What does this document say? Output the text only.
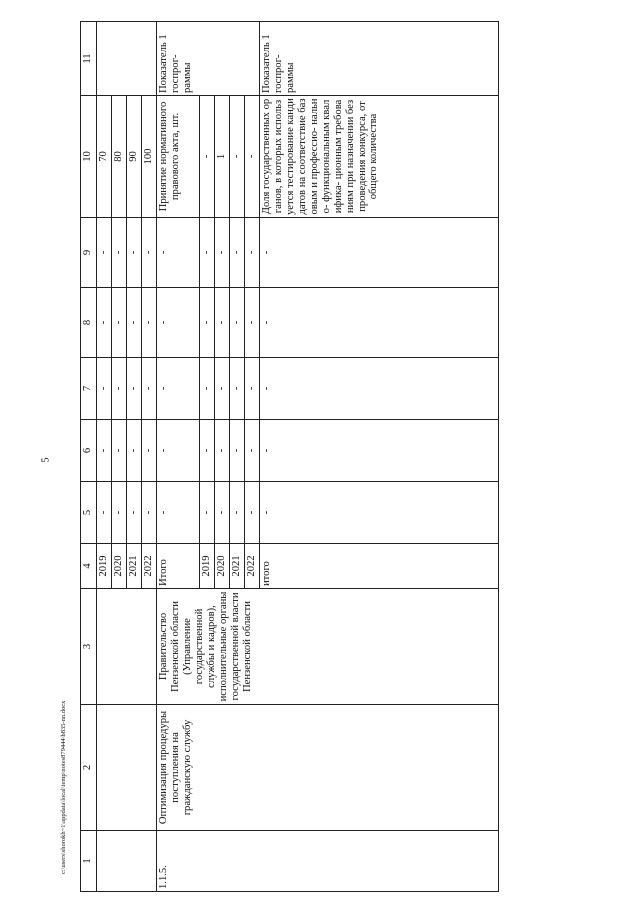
5
c:\users\shorokh~1\appdata\local\temp\notes879444\b835-nn.docx 1	2	3	4	5	6	7	8	9	10	11
			2019	-	-	-	-	-	70	
			2020	-	-	-	-	-	80	
			2021	-	-	-	-	-	90	
			2022	-	-	-	-	-	100	
1.1.5.	Оптимизация процедуры поступления на гражданскую службу	Правительство Пензенской области (Управление государственной службы и кадров), исполнительные органы государственной власти Пензенской области	Итого	-	-	-	-	-	Принятие нормативного правового акта, шт.	Показатель 1 госпрог- раммы
			2019	-	-	-	-	-	-	
			2020	-	-	-	-	-	1	
			2021	-	-	-	-	-	-	
			2022	-	-	-	-	-	-	
			итого	-	-	-	-	-	Доля государственных органов, в которых используется тестирование кандидатов на соответствие базовым и профессио- нально- функциональным квалифика- ционным требованиям при назначении без проведения конкурса, от общего количества	Показатель 1 госпрог- раммы
